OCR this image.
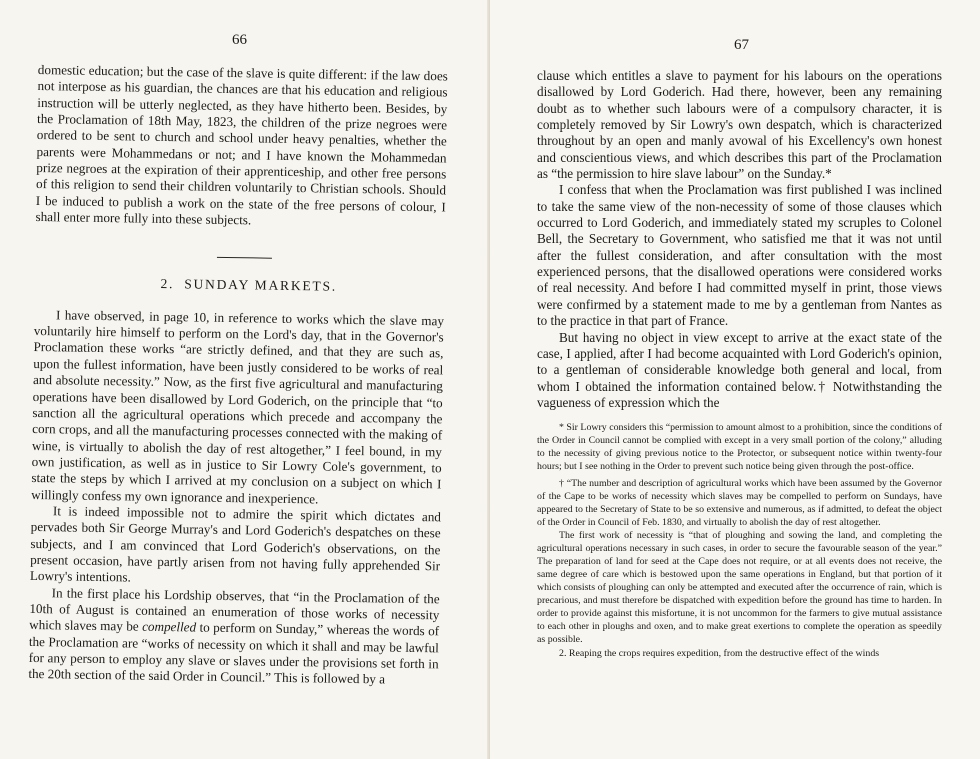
66

domestic education; but the case of the slave is quite different: if the law does not interpose as his guardian, the chances are that his education and religious instruction will be utterly neglected, as they have hitherto been. Besides, by the Proclamation of 18th May, 1823, the children of the prize negroes were ordered to be sent to church and school under heavy penalties, whether the parents were Mohammedans or not; and I have known the Mohammedan prize negroes at the expiration of their apprenticeship, and other free persons of this religion to send their children voluntarily to Christian schools. Should I be induced to publish a work on the state of the free persons of colour, I shall enter more fully into these subjects.

2. SUNDAY MARKETS.

I have observed, in page 10, in reference to works which the slave may voluntarily hire himself to perform on the Lord's day, that in the Governor's Proclamation these works “are strictly defined, and that they are such as, upon the fullest information, have been justly considered to be works of real and absolute necessity.” Now, as the first five agricultural and manufacturing operations have been disallowed by Lord Goderich, on the principle that “to sanction all the agricultural operations which precede and accompany the corn crops, and all the manufacturing processes connected with the making of wine, is virtually to abolish the day of rest altogether,” I feel bound, in my own justification, as well as in justice to Sir Lowry Cole's government, to state the steps by which I arrived at my conclusion on a subject on which I willingly confess my own ignorance and inexperience.

It is indeed impossible not to admire the spirit which dictates and pervades both Sir George Murray's and Lord Goderich's despatches on these subjects, and I am convinced that Lord Goderich's observations, on the present occasion, have partly arisen from not having fully apprehended Sir Lowry's intentions.

In the first place his Lordship observes, that “in the Proclamation of the 10th of August is contained an enumeration of those works of necessity which slaves may be compelled to perform on Sunday,” whereas the words of the Proclamation are “works of necessity on which it shall and may be lawful for any person to employ any slave or slaves under the provisions set forth in the 20th section of the said Order in Council.” This is followed by a

67

clause which entitles a slave to payment for his labours on the operations disallowed by Lord Goderich. Had there, however, been any remaining doubt as to whether such labours were of a compulsory character, it is completely removed by Sir Lowry's own despatch, which is characterized throughout by an open and manly avowal of his Excellency's own honest and conscientious views, and which describes this part of the Proclamation as “the permission to hire slave labour” on the Sunday.*

I confess that when the Proclamation was first published I was inclined to take the same view of the non-necessity of some of those clauses which occurred to Lord Goderich, and immediately stated my scruples to Colonel Bell, the Secretary to Government, who satisfied me that it was not until after the fullest consideration, and after consultation with the most experienced persons, that the disallowed operations were considered works of real necessity. And before I had committed myself in print, those views were confirmed by a statement made to me by a gentleman from Nantes as to the practice in that part of France.

But having no object in view except to arrive at the exact state of the case, I applied, after I had become acquainted with Lord Goderich's opinion, to a gentleman of considerable knowledge both general and local, from whom I obtained the information contained below.† Notwithstanding the vagueness of expression which the

* Sir Lowry considers this “permission to amount almost to a prohibition, since the conditions of the Order in Council cannot be complied with except in a very small portion of the colony,” alluding to the necessity of giving previous notice to the Protector, or subsequent notice within twenty-four hours; but I see nothing in the Order to prevent such notice being given through the post-office.

† “The number and description of agricultural works which have been assumed by the Governor of the Cape to be works of necessity which slaves may be compelled to perform on Sundays, have appeared to the Secretary of State to be so extensive and numerous, as if admitted, to defeat the object of the Order in Council of Feb. 1830, and virtually to abolish the day of rest altogether.

The first work of necessity is “that of ploughing and sowing the land, and completing the agricultural operations necessary in such cases, in order to secure the favourable season of the year.” The preparation of land for seed at the Cape does not require, or at all events does not receive, the same degree of care which is bestowed upon the same operations in England, but that portion of it which consists of ploughing can only be attempted and executed after the occurrence of rain, which is precarious, and must therefore be dispatched with expedition before the ground has time to harden. In order to provide against this misfortune, it is not uncommon for the farmers to give mutual assistance to each other in ploughs and oxen, and to make great exertions to complete the operation as speedily as possible.

2. Reaping the crops requires expedition, from the destructive effect of the winds
